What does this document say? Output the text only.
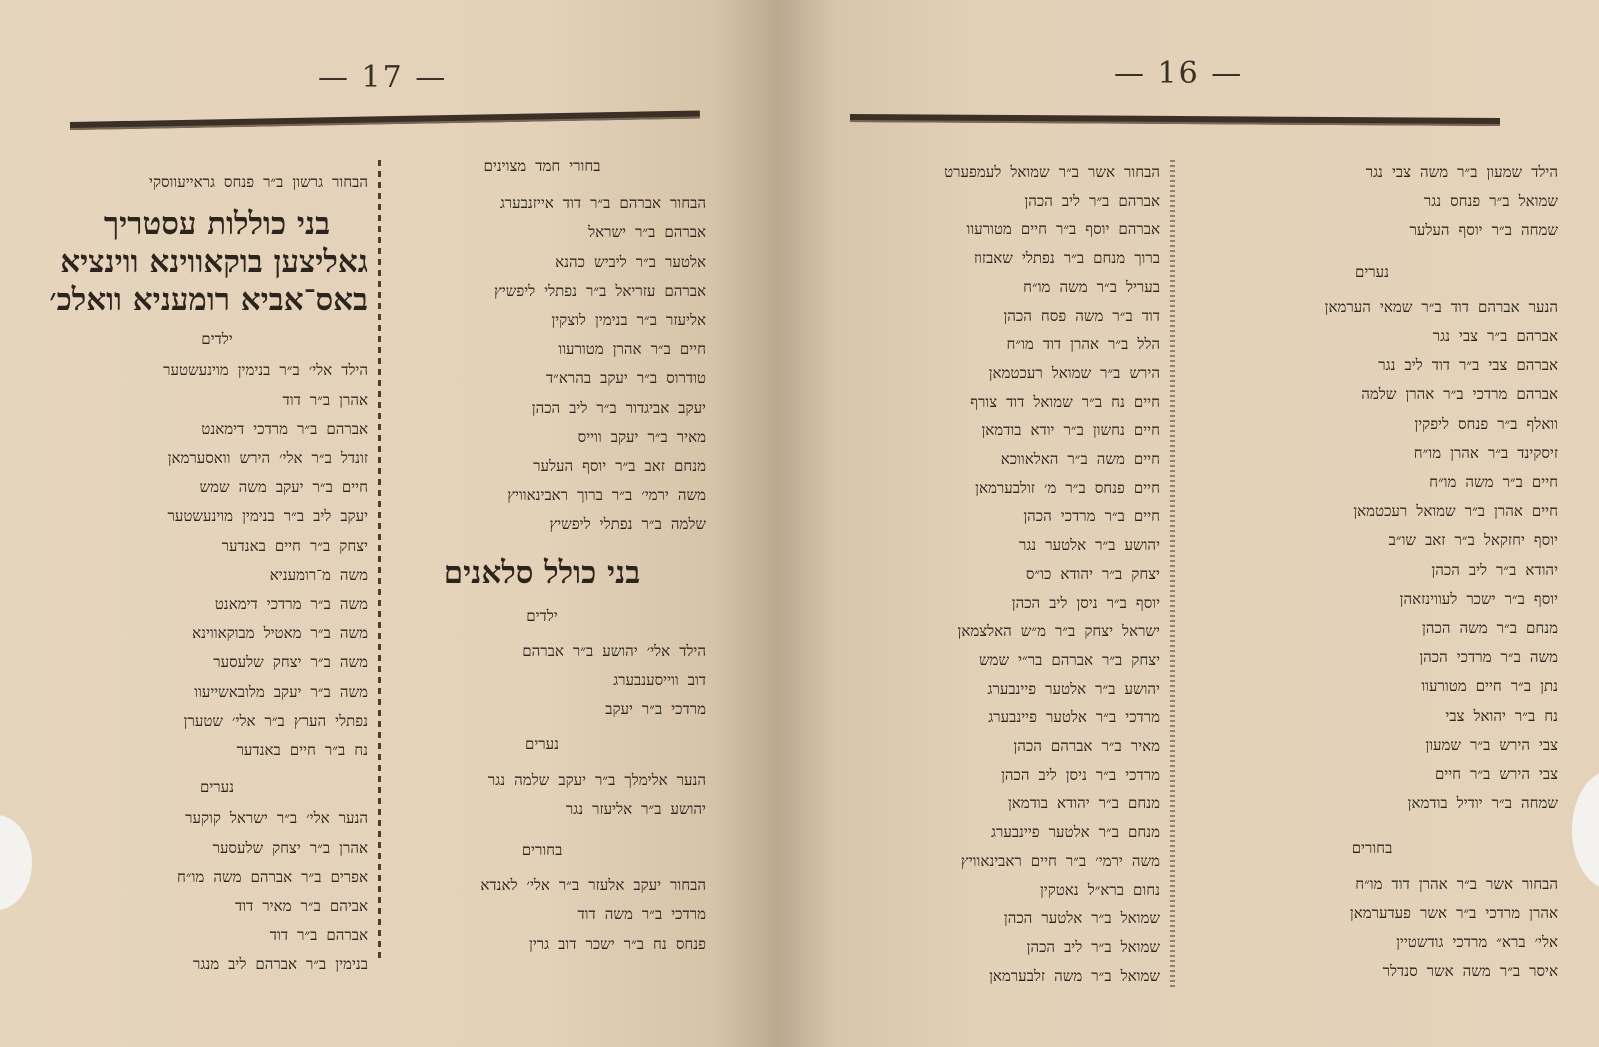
— 17 —
בחורי חמד מצוינים
הבחור אברהם ב״ר דוד אייזנבערג
אברהם ב״ר ישראל
אלטער ב״ר ליביש כהנא
אברהם עזריאל ב״ר נפתלי ליפשיץ
אליעזר ב״ר בנימין לוצקין
חיים ב״ר אהרן מטורעוו
טודרוס ב״ר יעקב בהרא״ד
יעקב אביגדור ב״ר ליב הכהן
מאיר ב״ר יעקב ווייס
מנחם זאב ב״ר יוסף העלער
משה ירמי׳ ב״ר ברוך ראבינאוויץ
שלמה ב״ר נפתלי ליפשיץ
בני כולל סלאנים
ילדים
הילד אלי׳ יהושע ב״ר אברהם
דוב ווייסענבערג
מרדכי ב״ר יעקב
נערים
הנער אלימלך ב״ר יעקב שלמה נגר
יהושע ב״ר אליעזר נגר
בחורים
הבחור יעקב אלעזר ב״ר אלי׳ לאנדא
מרדכי ב״ר משה דוד
פנחס נח ב״ר ישכר דוב גרין
הבחור גרשון ב״ר פנחס גראייעווסקי
בני כוללות עסטריך
גאליצען בוקאווינא ווינציא
באס־אביא רומעניא וואלכ׳
ילדים
הילד אלי׳ ב״ר בנימין מוינעשטער
אהרן ב״ר דוד
אברהם ב״ר מרדכי דימאנט
זונדל ב״ר אלי׳ הירש וואסערמאן
חיים ב״ר יעקב משה שמש
יעקב ליב ב״ר בנימין מוינעשטער
יצחק ב״ר חיים באנדער
משה מ־רומעניא
משה ב״ר מרדכי דימאנט
משה ב״ר מאטיל מבוקאווינא
משה ב״ר יצחק שלעסער
משה ב״ר יעקב מלובאשייעוו
נפתלי הערץ ב״ר אלי׳ שטערן
נח ב״ר חיים באנדער
נערים
הנער אלי׳ ב״ר ישראל קוקער
אהרן ב״ר יצחק שלעסער
אפרים ב״ר אברהם משה מו״ח
אביהם ב״ר מאיר דוד
אברהם ב״ר דוד
בנימין ב״ר אברהם ליב מנגר
— 16 —
הילד שמעון ב״ר משה צבי נגר
שמואל ב״ר פנחס נגר
שמחה ב״ר יוסף העלער
נערים
הנער אברהם דוד ב״ר שמאי הערמאן
אברהם ב״ר צבי נגר
אברהם צבי ב״ר דוד ליב נגר
אברהם מרדכי ב״ר אהרן שלמה
וואלף ב״ר פנחס ליפקין
זיסקינד ב״ר אהרן מו״ח
חיים ב״ר משה מו״ח
חיים אהרן ב״ר שמואל רעכטמאן
יוסף יחזקאל ב״ר זאב שו״ב
יהודא ב״ר ליב הכהן
יוסף ב״ר ישכר לעווינזאהן
מנחם ב״ר משה הכהן
משה ב״ר מרדכי הכהן
נתן ב״ר חיים מטורעוו
נח ב״ר יהואל צבי
צבי הירש ב״ר שמעון
צבי הירש ב״ר חיים
שמחה ב״ר יודיל בודמאן
בחורים
הבחור אשר ב״ר אהרן דוד מו״ח
אהרן מרדכי ב״ר אשר פעדערמאן
אלי׳ ברא״ מרדכי גודשטיין
איסר ב״ר משה אשר סנדלר
הבחור אשר ב״ר שמואל לעמפערט
אברהם ב״ר ליב הכהן
אברהם יוסף ב״ר חיים מטורעוו
ברוך מנחם ב״ר נפתלי שאבזוז
בעריל ב״ר משה מו״ח
דוד ב״ר משה פסח הכהן
הלל ב״ר אהרן דוד מו״ח
הירש ב״ר שמואל רעכטמאן
חיים נח ב״ר שמואל דוד צורף
חיים נחשון ב״ר יודא בודמאן
חיים משה ב״ר האלאווכא
חיים פנחס ב״ר מ׳ זולבערמאן
חיים ב״ר מרדכי הכהן
יהושע ב״ר אלטער נגר
יצחק ב״ר יהודא כו״ס
יוסף ב״ר ניסן ליב הכהן
ישראל יצחק ב״ר מ״ש האלצמאן
יצחק ב״ר אברהם בר״י שמש
יהושע ב״ר אלטער פיינבערג
מרדכי ב״ר אלטער פיינבערג
מאיר ב״ר אברהם הכהן
מרדכי ב״ר ניסן ליב הכהן
מנחם ב״ר יהודא בודמאן
מנחם ב״ר אלטער פיינבערג
משה ירמי׳ ב״ר חיים ראבינאוויץ
נחום ברא״ל נאטקין
שמואל ב״ר אלטער הכהן
שמואל ב״ר ליב הכהן
שמואל ב״ר משה זלבערמאן
